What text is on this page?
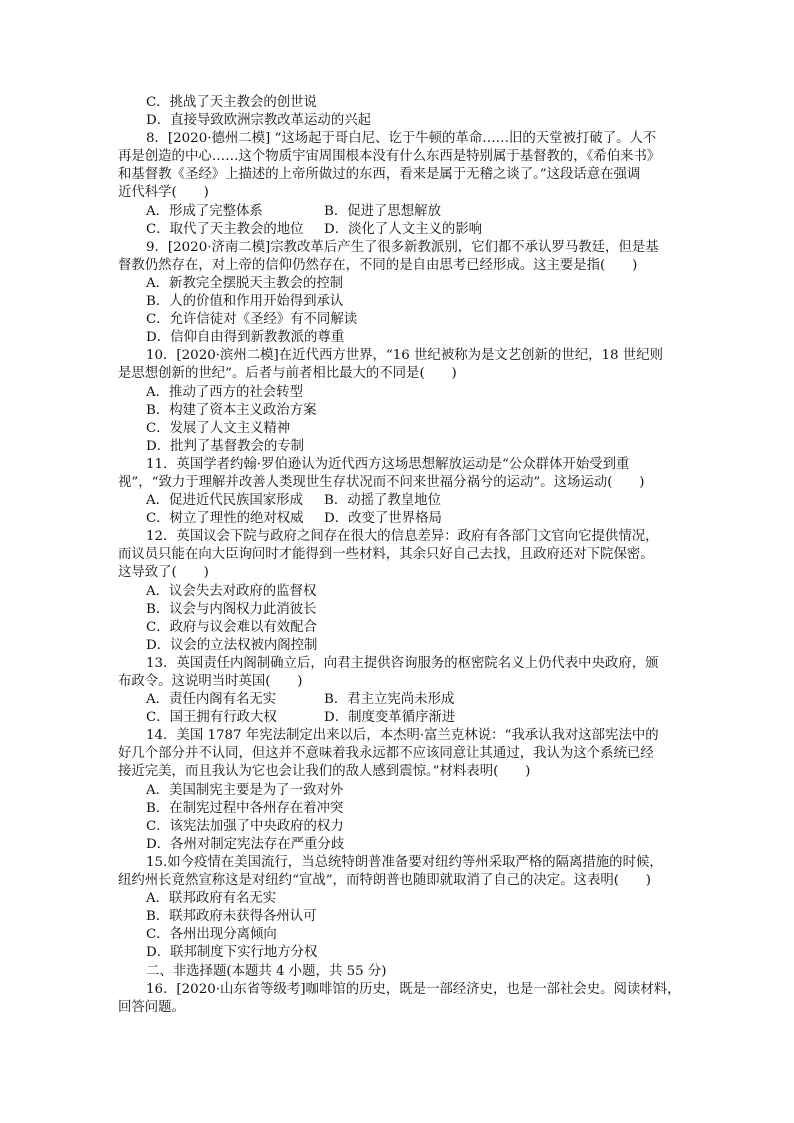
C．挑战了天主教会的创世说
D．直接导致欧洲宗教改革运动的兴起
8．[2020·德州二模] “这场起于哥白尼、讫于牛顿的革命……旧的天堂被打破了。人不
再是创造的中心……这个物质宇宙周围根本没有什么东西是特别属于基督教的，《希伯来书》
和基督教《圣经》上描述的上帝所做过的东西，看来是属于无稽之谈了。”这段话意在强调
近代科学(　　)
A．形成了完整体系	B．促进了思想解放
C．取代了天主教会的地位 D．淡化了人文主义的影响
9．[2020·济南二模]宗教改革后产生了很多新教派别，它们都不承认罗马教廷，但是基
督教仍然存在，对上帝的信仰仍然存在，不同的是自由思考已经形成。这主要是指(　　)
A．新教完全摆脱天主教会的控制
B．人的价值和作用开始得到承认
C．允许信徒对《圣经》有不同解读
D．信仰自由得到新教教派的尊重
10．[2020·滨州二模]在近代西方世界，“16 世纪被称为是文艺创新的世纪，18 世纪则
是思想创新的世纪”。后者与前者相比最大的不同是(　　)
A．推动了西方的社会转型
B．构建了资本主义政治方案
C．发展了人文主义精神
D．批判了基督教会的专制
11．英国学者约翰·罗伯逊认为近代西方这场思想解放运动是“公众群体开始受到重
视”，“致力于理解并改善人类现世生存状况而不问来世福分祸兮的运动”。这场运动(　　)
A．促进近代民族国家形成 B．动摇了教皇地位
C．树立了理性的绝对权威 D．改变了世界格局
12．英国议会下院与政府之间存在很大的信息差异：政府有各部门文官向它提供情况，
而议员只能在向大臣询问时才能得到一些材料，其余只好自己去找，且政府还对下院保密。
这导致了(　　)
A．议会失去对政府的监督权
B．议会与内阁权力此消彼长
C．政府与议会难以有效配合
D．议会的立法权被内阁控制
13．英国责任内阁制确立后，向君主提供咨询服务的枢密院名义上仍代表中央政府，颁
布政令。这说明当时英国(　　)
A．责任内阁有名无实	B．君主立宪尚未形成
C．国王拥有行政大权	D．制度变革循序渐进
14．美国 1787 年宪法制定出来以后，本杰明·富兰克林说：“我承认我对这部宪法中的
好几个部分并不认同，但这并不意味着我永远都不应该同意让其通过，我认为这个系统已经
接近完美，而且我认为它也会让我们的敌人感到震惊。”材料表明(　　)
A．美国制宪主要是为了一致对外
B．在制宪过程中各州存在着冲突
C．该宪法加强了中央政府的权力
D．各州对制定宪法存在严重分歧
15.如今疫情在美国流行，当总统特朗普准备要对纽约等州采取严格的隔离措施的时候，
纽约州长竟然宣称这是对纽约“宣战”，而特朗普也随即就取消了自己的决定。这表明(　　)
A．联邦政府有名无实
B．联邦政府未获得各州认可
C．各州出现分离倾向
D．联邦制度下实行地方分权
二、非选择题(本题共 4 小题，共 55 分)
16．[2020·山东省等级考]咖啡馆的历史，既是一部经济史，也是一部社会史。阅读材料，
回答问题。
